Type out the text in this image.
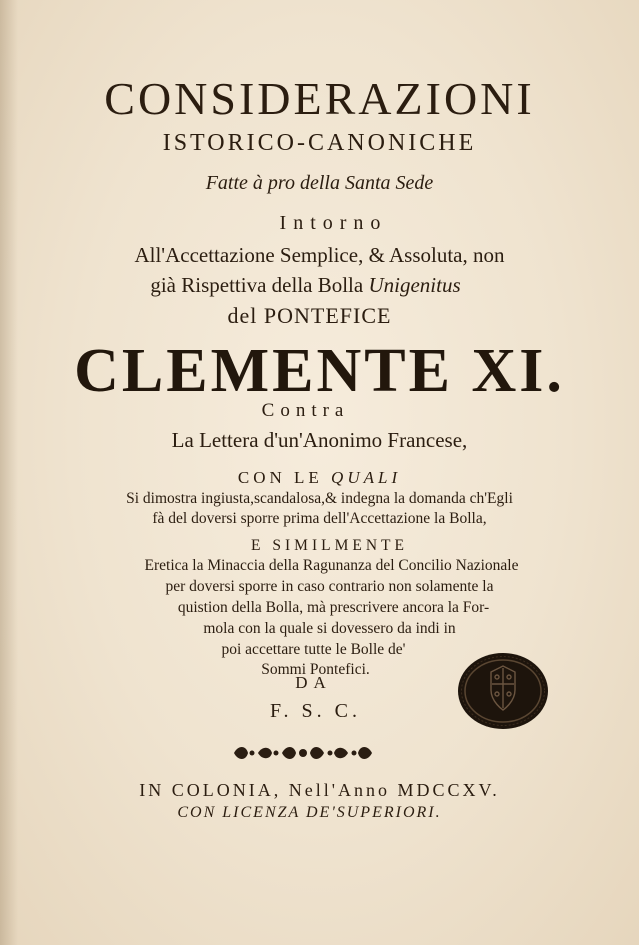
CONSIDERAZIONI
ISTORICO-CANONICHE
Fatte à pro della Santa Sede
Intorno
All'Accettazione Semplice, & Assoluta, non
già Rispettiva della Bolla Unigenitus
del PONTEFICE
CLEMENTE XI.
Contra
La Lettera d'un'Anonimo Francese,
CON LE QUALI
Si dimostra ingiusta,scandalosa,& indegna la domanda ch'Egli
fà del doversi sporre prima dell'Accettazione la Bolla,
E SIMILMENTE
Eretica la Minaccia della Ragunanza del Concilio Nazionale
per doversi sporre in caso contrario non solamente la
quistion della Bolla, mà prescrivere ancora la For-
mola con la quale si dovessero da indi in
poi accettare tutte le Bolle de'
Sommi Pontefici.
DA
F. S. C.
IN COLONIA, Nell'Anno MDCCXV.
CON LICENZA DE'SUPERIORI.
